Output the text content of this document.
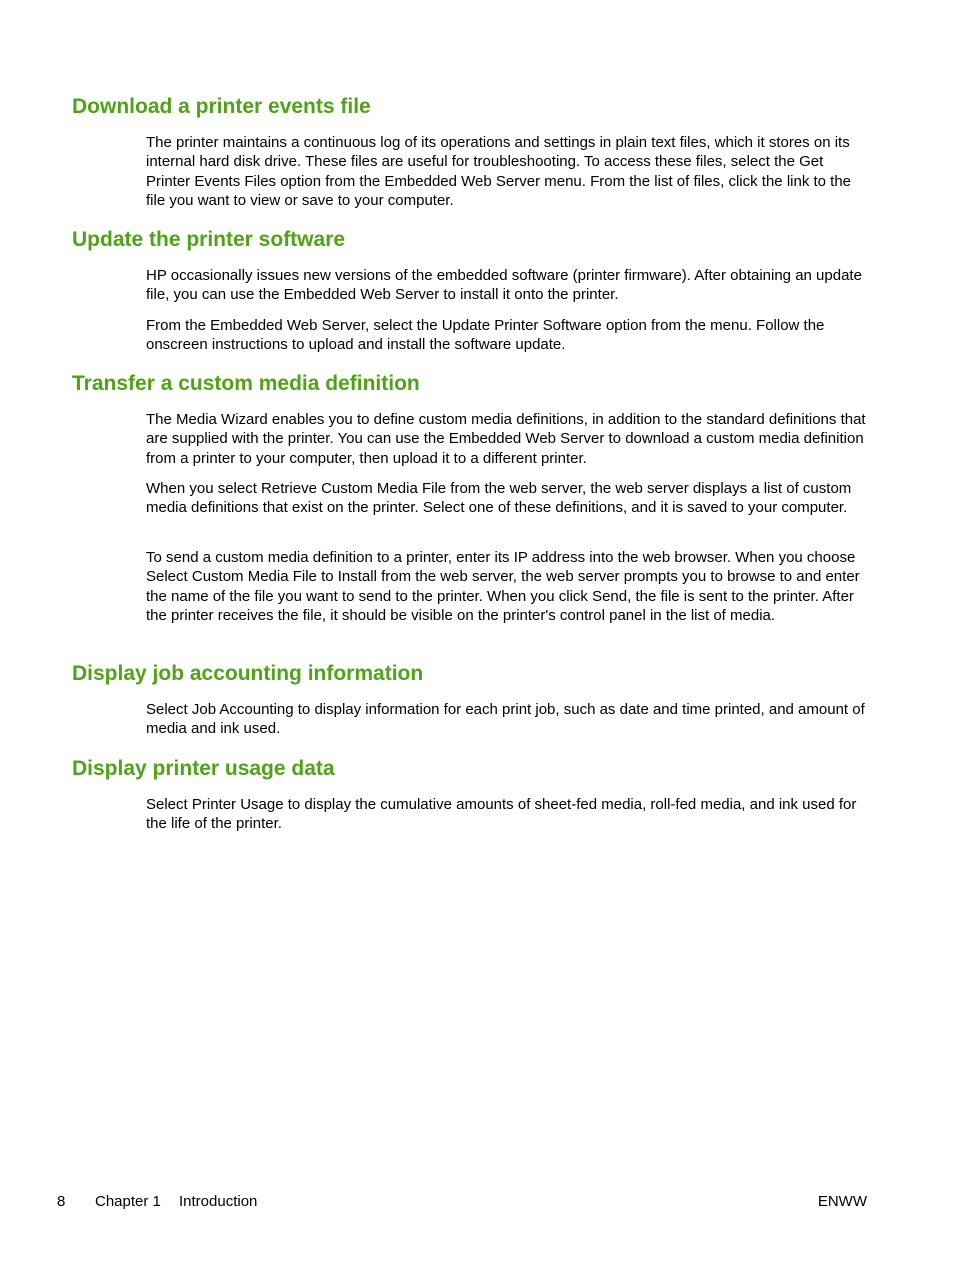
Download a printer events file

The printer maintains a continuous log of its operations and settings in plain text files, which it stores on its internal hard disk drive. These files are useful for troubleshooting. To access these files, select the Get Printer Events Files option from the Embedded Web Server menu. From the list of files, click the link to the file you want to view or save to your computer.

Update the printer software

HP occasionally issues new versions of the embedded software (printer firmware). After obtaining an update file, you can use the Embedded Web Server to install it onto the printer.

From the Embedded Web Server, select the Update Printer Software option from the menu. Follow the onscreen instructions to upload and install the software update.

Transfer a custom media definition

The Media Wizard enables you to define custom media definitions, in addition to the standard definitions that are supplied with the printer. You can use the Embedded Web Server to download a custom media definition from a printer to your computer, then upload it to a different printer.

When you select Retrieve Custom Media File from the web server, the web server displays a list of custom media definitions that exist on the printer. Select one of these definitions, and it is saved to your computer.

To send a custom media definition to a printer, enter its IP address into the web browser. When you choose Select Custom Media File to Install from the web server, the web server prompts you to browse to and enter the name of the file you want to send to the printer. When you click Send, the file is sent to the printer. After the printer receives the file, it should be visible on the printer's control panel in the list of media.

Display job accounting information

Select Job Accounting to display information for each print job, such as date and time printed, and amount of media and ink used.

Display printer usage data

Select Printer Usage to display the cumulative amounts of sheet-fed media, roll-fed media, and ink used for the life of the printer.

8 Chapter 1 Introduction	ENWW
